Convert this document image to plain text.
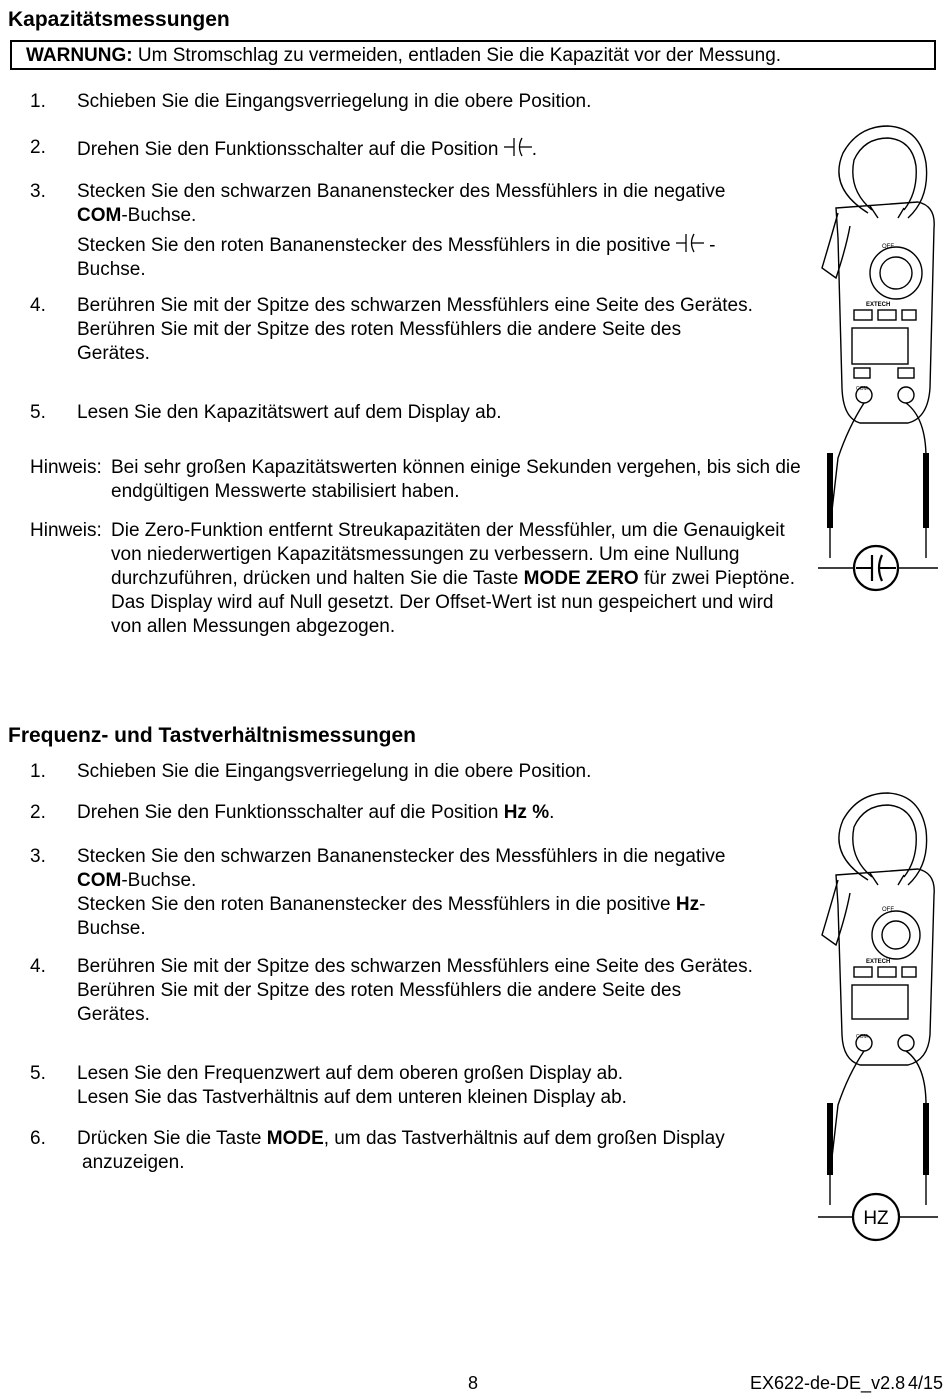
Kapazitätsmessungen
WARNUNG: Um Stromschlag zu vermeiden, entladen Sie die Kapazität vor der Messung.
1. Schieben Sie die Eingangsverriegelung in die obere Position.
2. Drehen Sie den Funktionsschalter auf die Position .
3. Stecken Sie den schwarzen Bananenstecker des Messfühlers in die negative
COM-Buchse.
Stecken Sie den roten Bananenstecker des Messfühlers in die positive  -
Buchse.
4. Berühren Sie mit der Spitze des schwarzen Messfühlers eine Seite des Gerätes.
Berühren Sie mit der Spitze des roten Messfühlers die andere Seite des Gerätes.
5. Lesen Sie den Kapazitätswert auf dem Display ab.
Hinweis: Bei sehr großen Kapazitätswerten können einige Sekunden vergehen, bis sich die endgültigen Messwerte stabilisiert haben.
Hinweis: Die Zero-Funktion entfernt Streukapazitäten der Messfühler, um die Genauigkeit von niederwertigen Kapazitätsmessungen zu verbessern. Um eine Nullung durchzuführen, drücken und halten Sie die Taste MODE ZERO für zwei Pieptöne. Das Display wird auf Null gesetzt. Der Offset-Wert ist nun gespeichert und wird von allen Messungen abgezogen.
EXTECH
OFF
COM
Frequenz- und Tastverhältnismessungen
1. Schieben Sie die Eingangsverriegelung in die obere Position.
2. Drehen Sie den Funktionsschalter auf die Position Hz %.
3. Stecken Sie den schwarzen Bananenstecker des Messfühlers in die negative
COM-Buchse.
Stecken Sie den roten Bananenstecker des Messfühlers in die positive Hz-
Buchse.
4. Berühren Sie mit der Spitze des schwarzen Messfühlers eine Seite des Gerätes.
Berühren Sie mit der Spitze des roten Messfühlers die andere Seite des Gerätes.
5. Lesen Sie den Frequenzwert auf dem oberen großen Display ab.
Lesen Sie das Tastverhältnis auf dem unteren kleinen Display ab.
6. Drücken Sie die Taste MODE, um das Tastverhältnis auf dem großen Display
anzuzeigen.
HZ
EXTECH
OFF
COM
8	EX622-de-DE_v2.8 4/15
